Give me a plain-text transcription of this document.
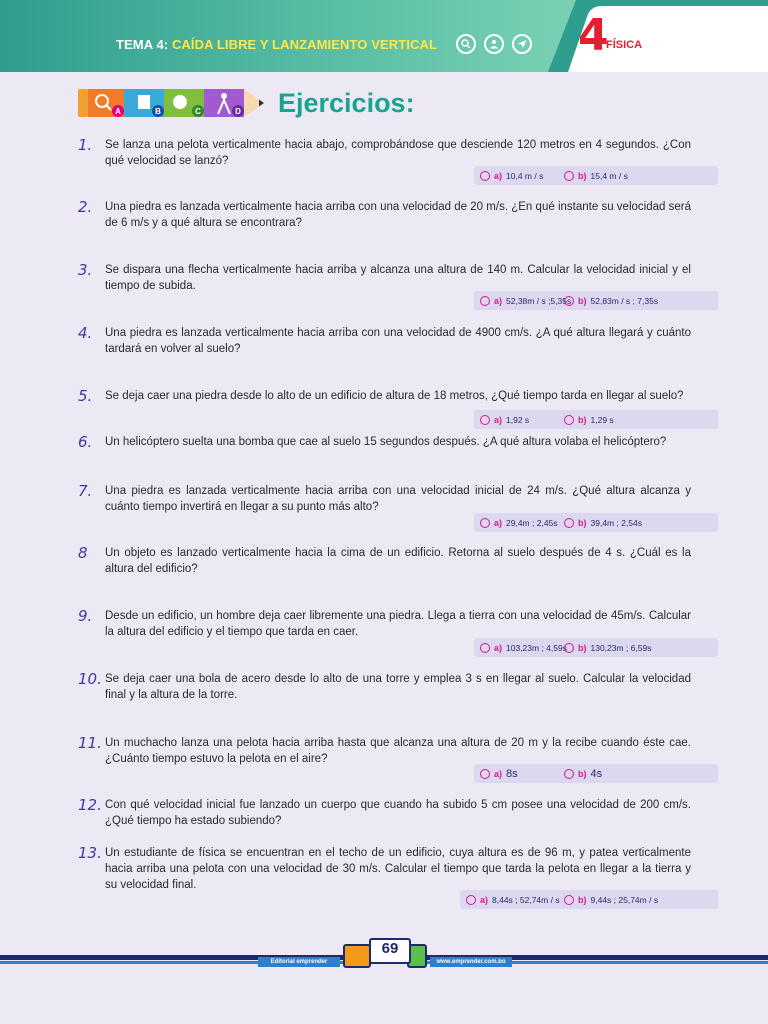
TEMA 4: CAÍDA LIBRE Y LANZAMIENTO VERTICAL	4
FÍSICA
A	B	C	D Ejercicios:
1. Se lanza una pelota verticalmente hacia abajo, comprobándose que desciende 120 metros en 4 segundos. ¿Con qué velocidad se lanzó?
a) 10,4 m / s	b) 15,4 m / s
2. Una piedra es lanzada verticalmente hacia arriba con una velocidad de 20 m/s. ¿En qué instante su velocidad será de 6 m/s y a qué altura se encontrara?
3. Se dispara una flecha verticalmente hacia arriba y alcanza una altura de 140 m. Calcular la velocidad inicial y el tiempo de subida.
a) 52,38m / s ;5,35s b) 52,83m / s ; 7,35s
4. Una piedra es lanzada verticalmente hacia arriba con una velocidad de 4900 cm/s. ¿A qué altura llegará y cuánto tardará en volver al suelo?
5. Se deja caer una piedra desde lo alto de un edificio de altura de 18 metros, ¿Qué tiempo tarda en llegar al suelo?
a) 1,92 s	b) 1,29 s
6. Un helicóptero suelta una bomba que cae al suelo 15 segundos después. ¿A qué altura volaba el helicóptero?
7. Una piedra es lanzada verticalmente hacia arriba con una velocidad inicial de 24 m/s. ¿Qué altura alcanza y cuánto tiempo invertirá en llegar a su punto más alto?
a) 29,4m ; 2,45s b) 39,4m ; 2,54s
8 Un objeto es lanzado verticalmente hacia la cima de un edificio. Retorna al suelo después de 4 s. ¿Cuál es la altura del edificio?
9. Desde un edificio, un hombre deja caer libremente una piedra. Llega a tierra con una velocidad de 45m/s. Calcular la altura del edificio y el tiempo que tarda en caer.
a) 103,23m ; 4,59s b) 130,23m ; 6,59s
10. Se deja caer una bola de acero desde lo alto de una torre y emplea 3 s en llegar al suelo. Calcular la velocidad final y la altura de la torre.
11. Un muchacho lanza una pelota hacia arriba hasta que alcanza una altura de 20 m y la recibe cuando éste cae. ¿Cuánto tiempo estuvo la pelota en el aire?
a) 8s	b) 4s
12. Con qué velocidad inicial fue lanzado un cuerpo que cuando ha subido 5 cm posee una velocidad de 200 cm/s. ¿Qué tiempo ha estado subiendo?
13. Un estudiante de física se encuentran en el techo de un edificio, cuya altura es de 96 m, y patea verticalmente hacia arriba una pelota con una velocidad de 30 m/s. Calcular el tiempo que tarda la pelota en llegar a la tierra y su velocidad final.
a) 8,44s ; 52,74m / s b) 9,44s ; 25,74m / s
Editorial emprender	www.emprender.com.bo
69
